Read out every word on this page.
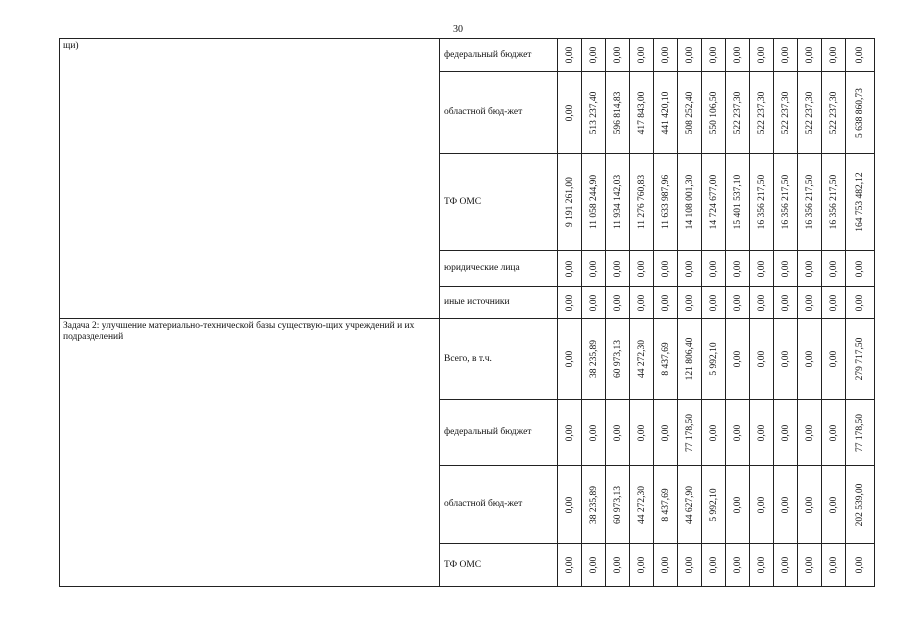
30
щи)	федеральный бюджет	0,00	0,00	0,00	0,00	0,00	0,00	0,00	0,00	0,00	0,00	0,00	0,00	0,00

	областной бюд-жет	0,00	513 237,40	596 814,83	417 843,00	441 420,10	508 252,40	550 106,50	522 237,30	522 237,30	522 237,30	522 237,30	522 237,30	5 638 860,73

	ТФ ОМС	9 191 261,00	11 058 244,90	11 934 142,03	11 276 760,83	11 633 987,96	14 108 001,30	14 724 677,00	15 401 537,10	16 356 217,50	16 356 217,50	16 356 217,50	16 356 217,50	164 753 482,12

	юридические лица	0,00	0,00	0,00	0,00	0,00	0,00	0,00	0,00	0,00	0,00	0,00	0,00	0,00

	иные источники	0,00	0,00	0,00	0,00	0,00	0,00	0,00	0,00	0,00	0,00	0,00	0,00	0,00

Задача 2: улучшение материально-технической базы существую-щих учреждений и их подразделений	Всего, в т.ч.	0,00	38 235,89	60 973,13	44 272,30	8 437,69	121 806,40	5 992,10	0,00	0,00	0,00	0,00	0,00	279 717,50

	федеральный бюджет	0,00	0,00	0,00	0,00	0,00	77 178,50	0,00	0,00	0,00	0,00	0,00	0,00	77 178,50

	областной бюд-жет	0,00	38 235,89	60 973,13	44 272,30	8 437,69	44 627,90	5 992,10	0,00	0,00	0,00	0,00	0,00	202 539,00

	ТФ ОМС	0,00	0,00	0,00	0,00	0,00	0,00	0,00	0,00	0,00	0,00	0,00	0,00	0,00
